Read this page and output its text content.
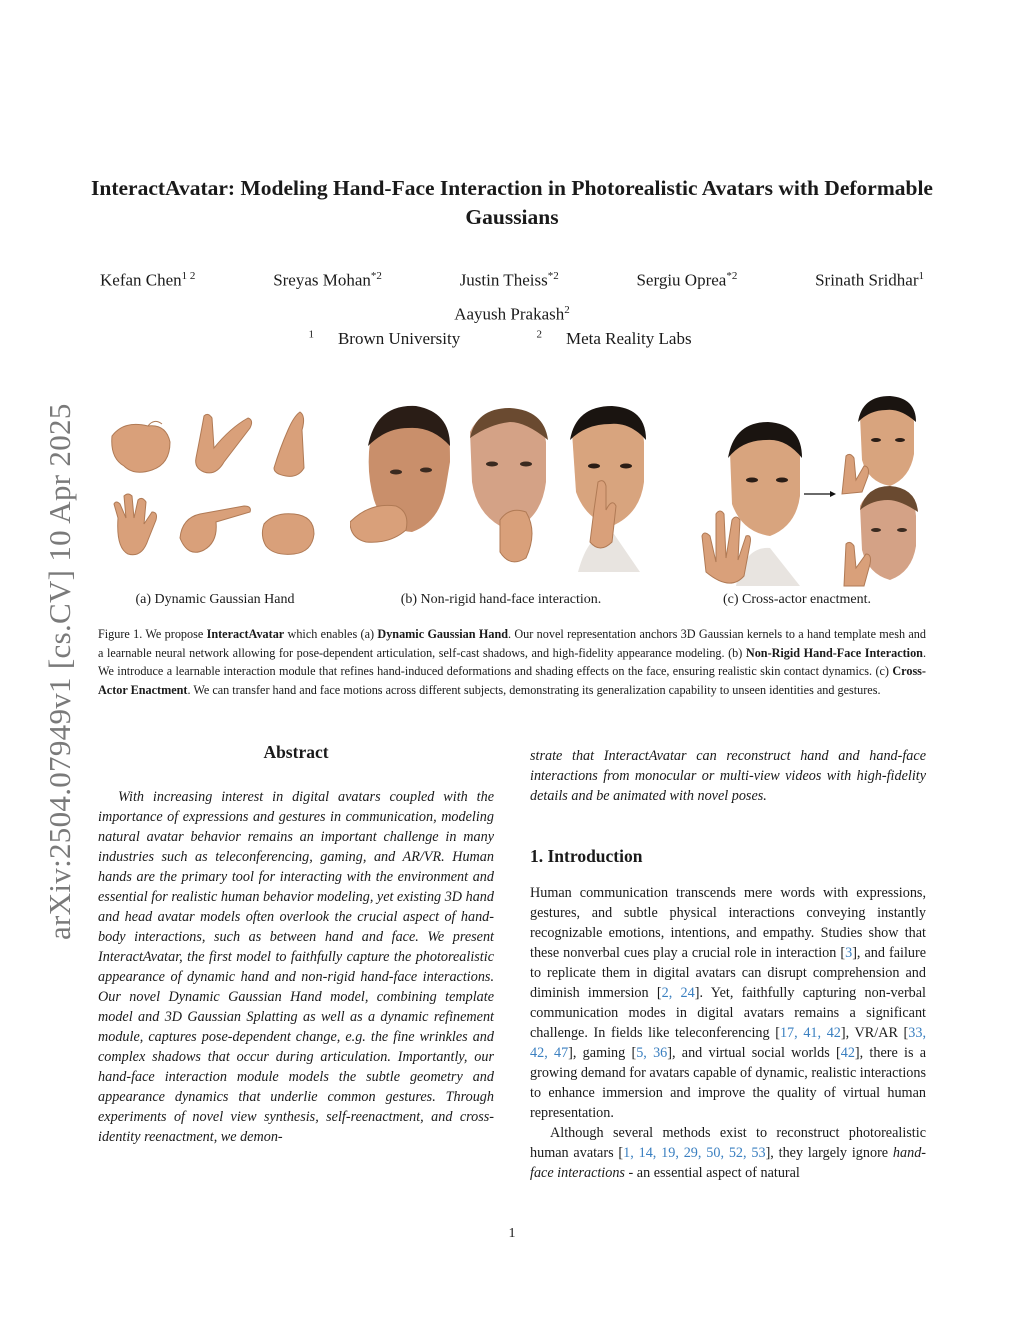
arXiv:2504.07949v1 [cs.CV] 10 Apr 2025
InteractAvatar: Modeling Hand-Face Interaction in Photorealistic Avatars with Deformable Gaussians
Kefan Chen$^{1 2}$	Sreyas Mohan$^{*2}$	Justin Theiss$^{*2}$	Sergiu Oprea$^{*2}$	Srinath Sridhar$^1$
Aayush Prakash$^2$
$^1$ Brown University	$^2$ Meta Reality Labs
(a) Dynamic Gaussian Hand	(b) Non-rigid hand-face interaction.	(c) Cross-actor enactment.
Figure 1. We propose InteractAvatar which enables (a) Dynamic Gaussian Hand. Our novel representation anchors 3D Gaussian kernels to a hand template mesh and a learnable neural network allowing for pose-dependent articulation, self-cast shadows, and high-fidelity appearance modeling. (b) Non-Rigid Hand-Face Interaction. We introduce a learnable interaction module that refines hand-induced deformations and shading effects on the face, ensuring realistic skin contact dynamics. (c) Cross-Actor Enactment. We can transfer hand and face motions across different subjects, demonstrating its generalization capability to unseen identities and gestures.
Abstract

With increasing interest in digital avatars coupled with the importance of expressions and gestures in communication, modeling natural avatar behavior remains an important challenge in many industries such as teleconferencing, gaming, and AR/VR. Human hands are the primary tool for interacting with the environment and essential for realistic human behavior modeling, yet existing 3D hand and head avatar models often overlook the crucial aspect of hand-body interactions, such as between hand and face. We present InteractAvatar, the first model to faithfully capture the photorealistic appearance of dynamic hand and non-rigid hand-face interactions. Our novel Dynamic Gaussian Hand model, combining template model and 3D Gaussian Splatting as well as a dynamic refinement module, captures pose-dependent change, e.g. the fine wrinkles and complex shadows that occur during articulation. Importantly, our hand-face interaction module models the subtle geometry and appearance dynamics that underlie common gestures. Through experiments of novel view synthesis, self-reenactment, and cross-identity reenactment, we demon-

strate that InteractAvatar can reconstruct hand and hand-face interactions from monocular or multi-view videos with high-fidelity details and be animated with novel poses.

1. Introduction

Human communication transcends mere words with expressions, gestures, and subtle physical interactions conveying instantly recognizable emotions, intentions, and empathy. Studies show that these nonverbal cues play a crucial role in interaction [3], and failure to replicate them in digital avatars can disrupt comprehension and diminish immersion [2, 24]. Yet, faithfully capturing non-verbal communication modes in digital avatars remains a significant challenge. In fields like teleconferencing [17, 41, 42], VR/AR [33, 42, 47], gaming [5, 36], and virtual social worlds [42], there is a growing demand for avatars capable of dynamic, realistic interactions to enhance immersion and improve the quality of virtual human representation.

Although several methods exist to reconstruct photorealistic human avatars [1, 14, 19, 29, 50, 52, 53], they largely ignore hand-face interactions - an essential aspect of natural

1
